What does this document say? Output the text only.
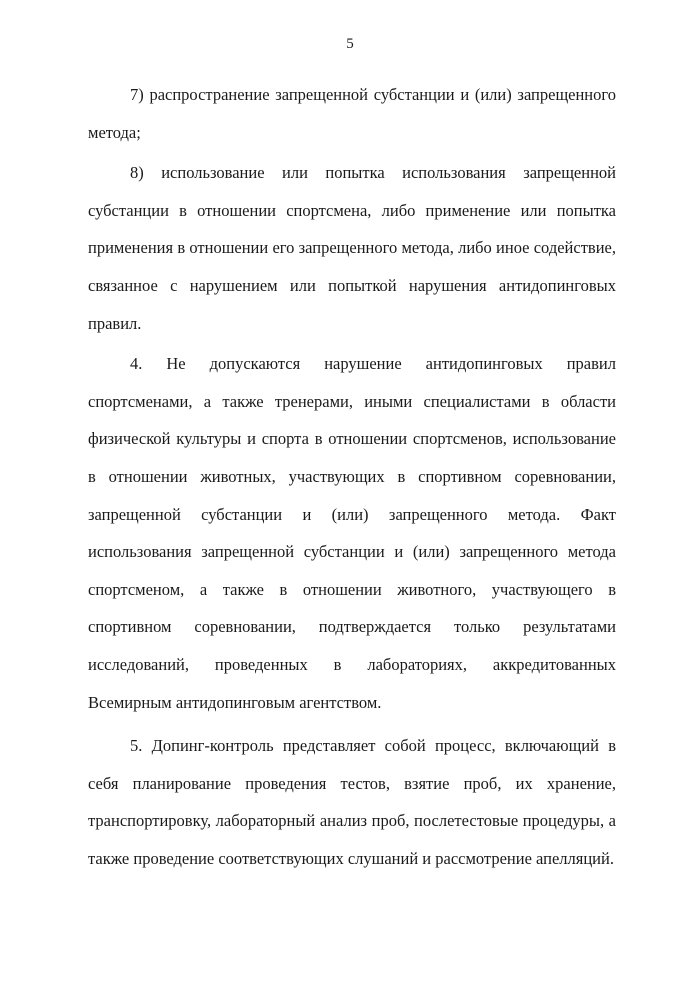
5

7) распространение запрещенной субстанции и (или) запрещенного метода;

8) использование или попытка использования запрещенной субстанции в отношении спортсмена, либо применение или попытка применения в отношении его запрещенного метода, либо иное содействие, связанное с нарушением или попыткой нарушения антидопинговых правил.

4. Не допускаются нарушение антидопинговых правил спортсменами, а также тренерами, иными специалистами в области физической культуры и спорта в отношении спортсменов, использование в отношении животных, участвующих в спортивном соревновании, запрещенной субстанции и (или) запрещенного метода. Факт использования запрещенной субстанции и (или) запрещенного метода спортсменом, а также в отношении животного, участвующего в спортивном соревновании, подтверждается только результатами исследований, проведенных в лабораториях, аккредитованных Всемирным антидопинговым агентством.

5. Допинг-контроль представляет собой процесс, включающий в себя планирование проведения тестов, взятие проб, их хранение, транспортировку, лабораторный анализ проб, послетестовые процедуры, а также проведение соответствующих слушаний и рассмотрение апелляций.
